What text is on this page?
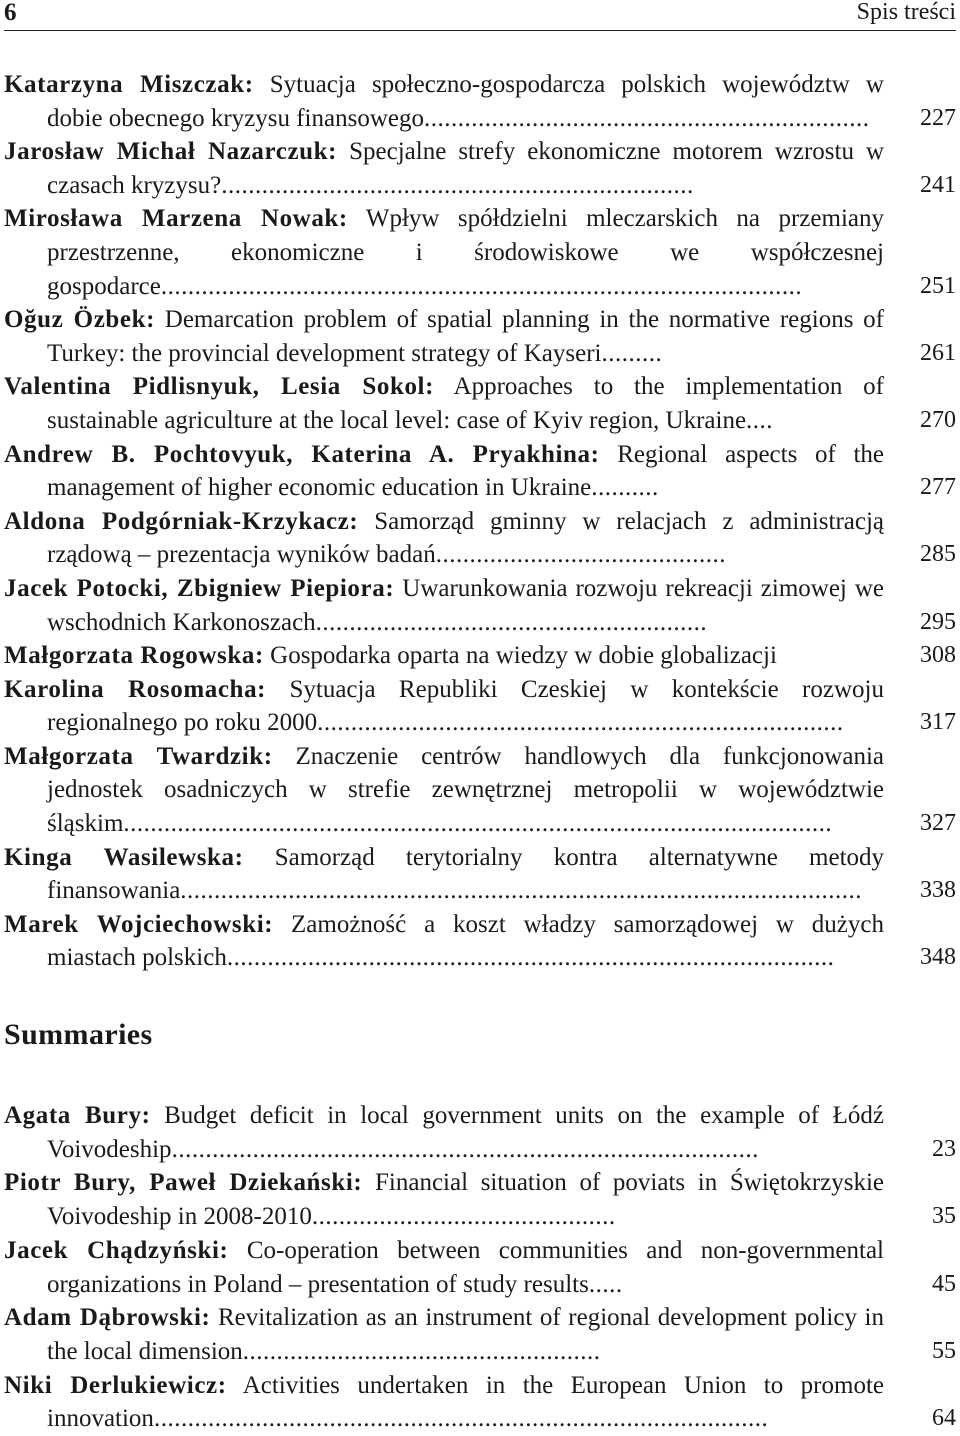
6	Spis treści
Katarzyna Miszczak: Sytuacja społeczno-gospodarcza polskich województw w dobie obecnego kryzysu finansowego..................................................................	227
Jarosław Michał Nazarczuk: Specjalne strefy ekonomiczne motorem wzrostu w czasach kryzysu?......................................................................	241
Mirosława Marzena Nowak: Wpływ spółdzielni mleczarskich na przemiany przestrzenne, ekonomiczne i środowiskowe we współczesnej gospodarce...............................................................................................	251
Oğuz Özbek: Demarcation problem of spatial planning in the normative regions of Turkey: the provincial development strategy of Kayseri.........	261
Valentina Pidlisnyuk, Lesia Sokol: Approaches to the implementation of sustainable agriculture at the local level: case of Kyiv region, Ukraine....	270
Andrew B. Pochtovyuk, Katerina A. Pryakhina: Regional aspects of the management of higher economic education in Ukraine..........	277
Aldona Podgórniak-Krzykacz: Samorząd gminny w relacjach z administracją rządową – prezentacja wyników badań...........................................	285
Jacek Potocki, Zbigniew Piepiora: Uwarunkowania rozwoju rekreacji zimowej we wschodnich Karkonoszach..........................................................	295
Małgorzata Rogowska: Gospodarka oparta na wiedzy w dobie globalizacji	308
Karolina Rosomacha: Sytuacja Republiki Czeskiej w kontekście rozwoju regionalnego po roku 2000..............................................................................	317
Małgorzata Twardzik: Znaczenie centrów handlowych dla funkcjonowania jednostek osadniczych w strefie zewnętrznej metropolii w województwie śląskim.........................................................................................................	327
Kinga Wasilewska: Samorząd terytorialny kontra alternatywne metody finansowania.....................................................................................................	338
Marek Wojciechowski: Zamożność a koszt władzy samorządowej w dużych miastach polskich..........................................................................................	348
Summaries
Agata Bury: Budget deficit in local government units on the example of Łódź Voivodeship.......................................................................................	23
Piotr Bury, Paweł Dziekański: Financial situation of poviats in Świętokrzyskie Voivodeship in 2008-2010.............................................	35
Jacek Chądzyński: Co-operation between communities and non-governmental organizations in Poland – presentation of study results.....	45
Adam Dąbrowski: Revitalization as an instrument of regional development policy in the local dimension.....................................................	55
Niki Derlukiewicz: Activities undertaken in the European Union to promote innovation...........................................................................................	64
